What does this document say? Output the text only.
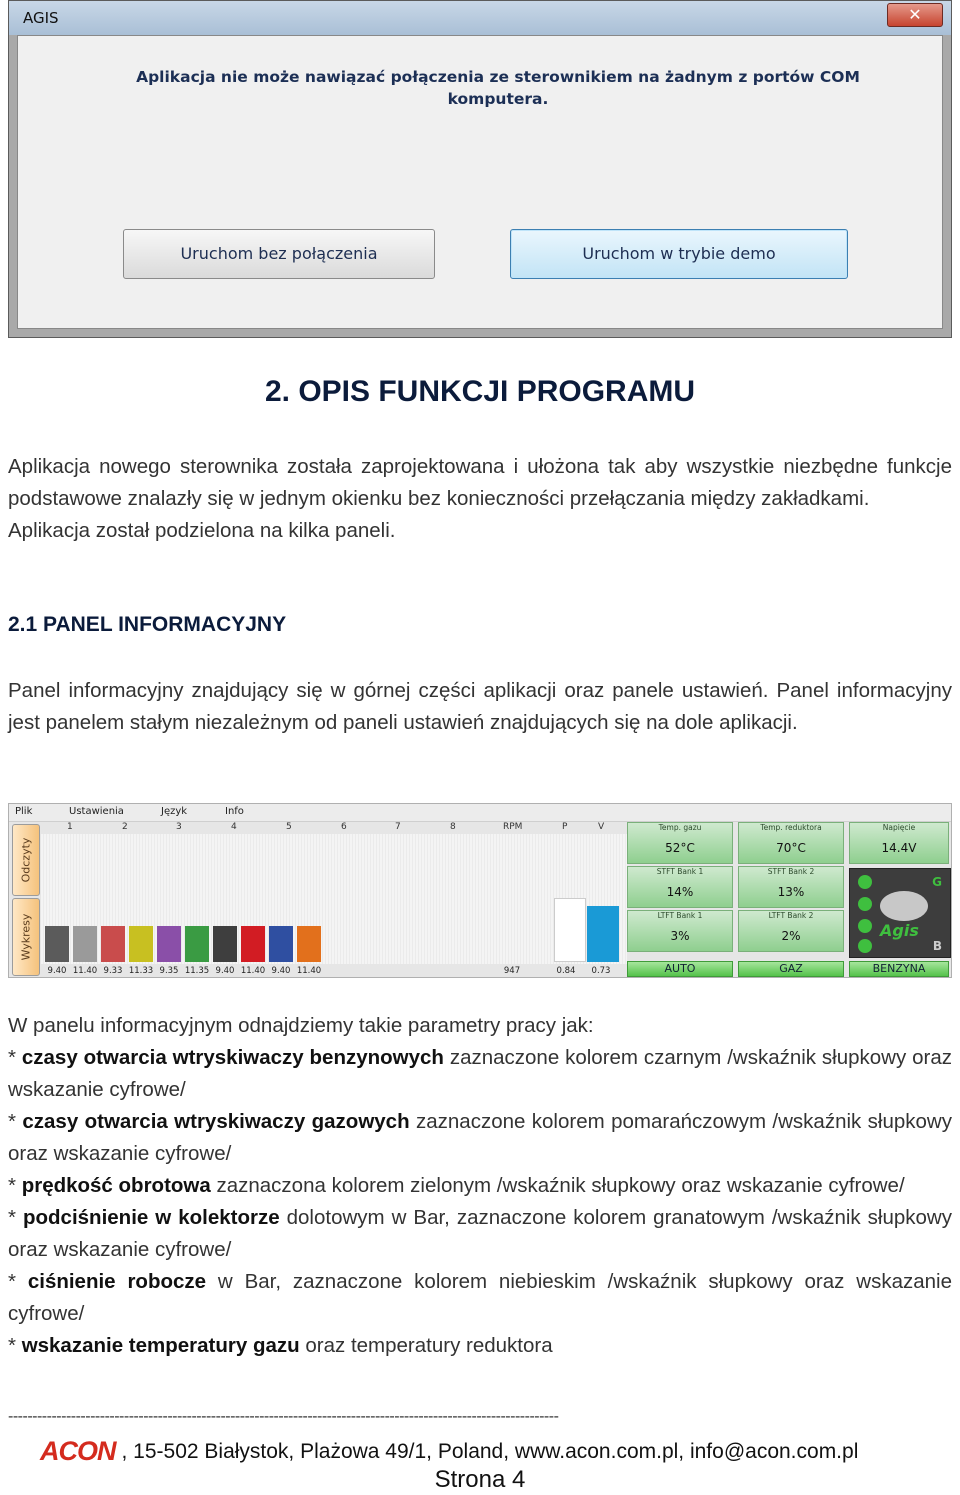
AGIS	✕
Aplikacja nie może nawiązać połączenia ze sterownikiem na żadnym z portów COM komputera.
Uruchom bez połączenia	Uruchom w trybie demo
2. OPIS FUNKCJI PROGRAMU

Aplikacja nowego sterownika została zaprojektowana i ułożona tak aby wszystkie niezbędne funkcje podstawowe znalazły się w jednym okienku bez konieczności przełączania między zakładkami.

Aplikacja został podzielona na kilka paneli.

2.1 PANEL INFORMACYJNY

Panel informacyjny znajdujący się w górnej części aplikacji oraz panele ustawień. Panel informacyjny jest panelem stałym niezależnym od paneli ustawień znajdujących się na dole aplikacji.

Plik	Ustawienia	Język	Info
Odczyty
Wykresy
1	2	3	4	5	6	7	8	RPM	P	V
9.40 11.40 9.33 11.33 9.35 11.35 9.40 11.40 9.40 11.40	947	0.84	0.73
Temp. gazu
52°C
Temp. reduktora
70°C
Napięcie
14.4V
STFT Bank 1
14%
STFT Bank 2
13%
LTFT Bank 1
3%
LTFT Bank 2
2%
G
B
Agis
AUTO	GAZ	BENZYNA

W panelu informacyjnym odnajdziemy takie parametry pracy jak:

* czasy otwarcia wtryskiwaczy benzynowych zaznaczone kolorem czarnym /wskaźnik słupkowy oraz wskazanie cyfrowe/

* czasy otwarcia wtryskiwaczy gazowych zaznaczone kolorem pomarańczowym /wskaźnik słupkowy oraz wskazanie cyfrowe/

* prędkość obrotowa zaznaczona kolorem zielonym /wskaźnik słupkowy oraz wskazanie cyfrowe/

* podciśnienie w kolektorze dolotowym w Bar, zaznaczone kolorem granatowym /wskaźnik słupkowy oraz wskazanie cyfrowe/

* ciśnienie robocze w Bar, zaznaczone kolorem niebieskim /wskaźnik słupkowy oraz wskazanie cyfrowe/

* wskazanie temperatury gazu oraz temperatury reduktora

------------------------------------------------------------------------------------------------------------------
ACON , 15-502 Białystok, Plażowa 49/1, Poland, www.acon.com.pl, info@acon.com.pl
Strona 4
